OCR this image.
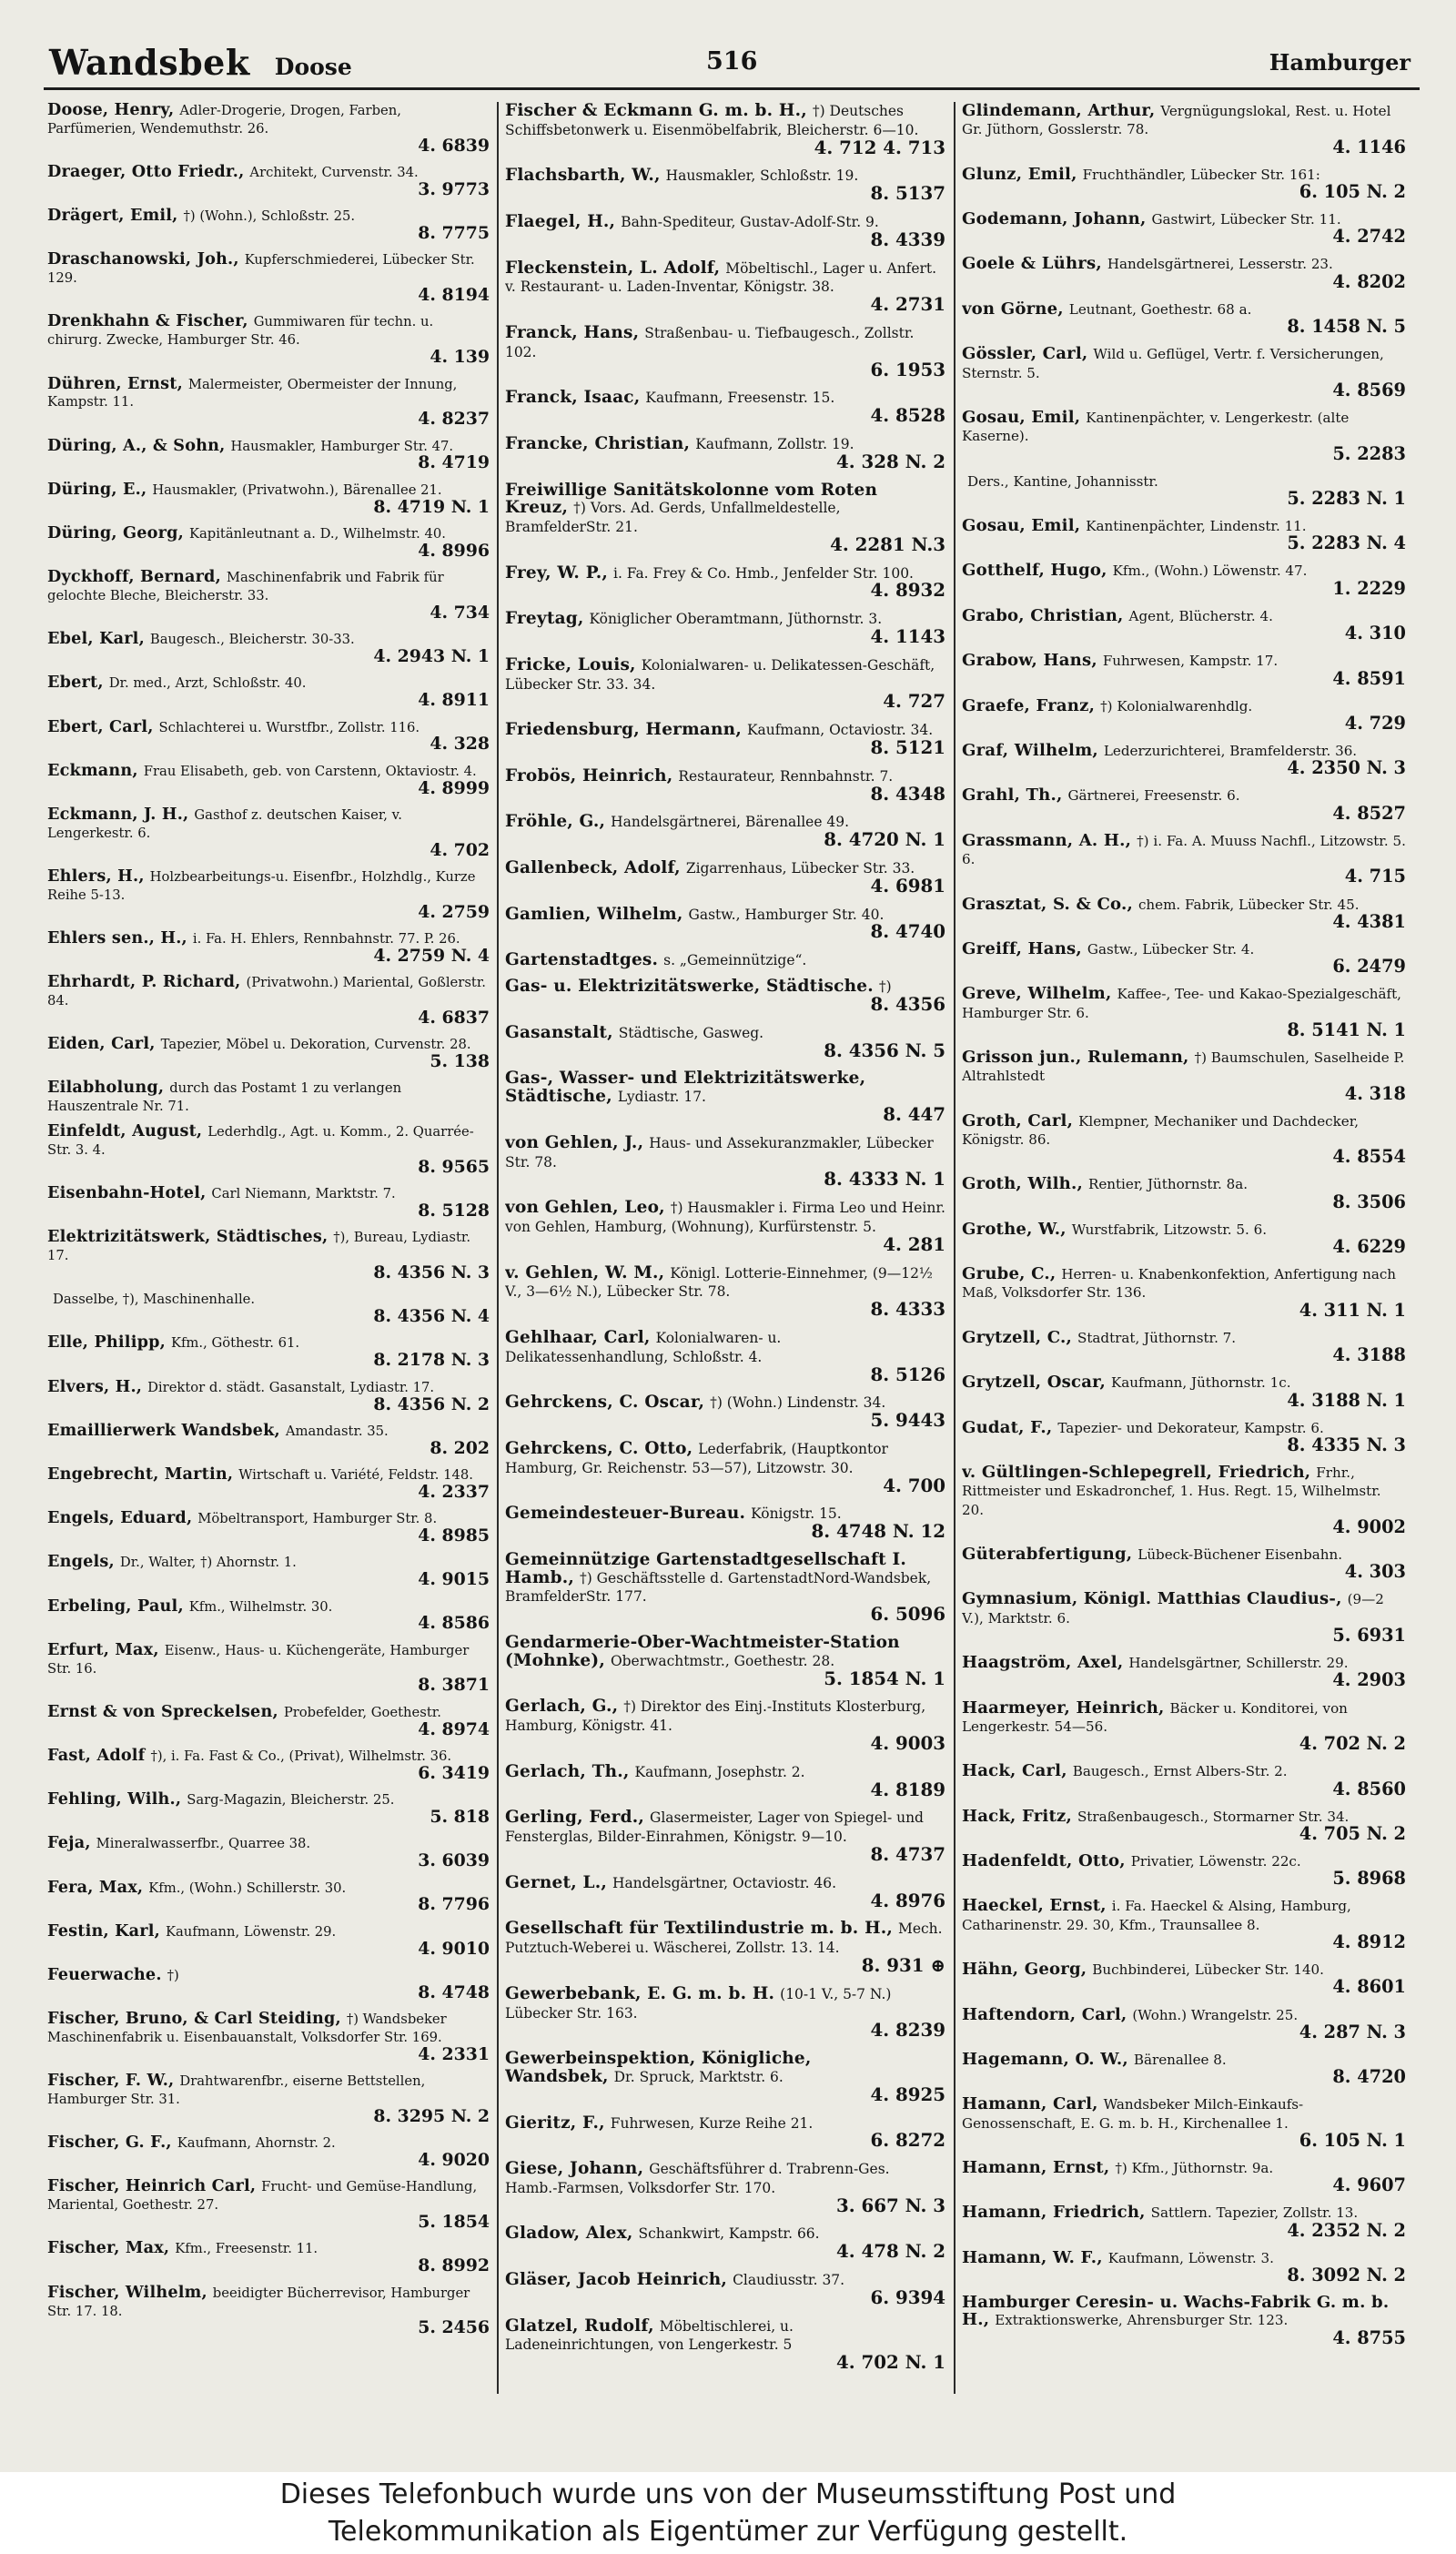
Wandsbek Doose	516	Hamburger
Doose, Henry, Adler-Drogerie, Drogen, Farben, Parfümerien, Wendemuthstr. 26.
4. 6839
Draeger, Otto Friedr., Architekt, Curvenstr. 34.
3. 9773
Drägert, Emil, †) (Wohn.), Schloßstr. 25.
8. 7775
Draschanowski, Joh., Kupferschmiederei, Lübecker Str. 129.
4. 8194
Drenkhahn & Fischer, Gummiwaren für techn. u. chirurg. Zwecke, Hamburger Str. 46.
4. 139
Dühren, Ernst, Malermeister, Obermeister der Innung, Kampstr. 11.
4. 8237
Düring, A., & Sohn, Hausmakler, Hamburger Str. 47.
8. 4719
Düring, E., Hausmakler, (Privatwohn.), Bärenallee 21.
8. 4719 N. 1
Düring, Georg, Kapitänleutnant a. D., Wilhelmstr. 40.
4. 8996
Dyckhoff, Bernard, Maschinenfabrik und Fabrik für gelochte Bleche, Bleicherstr. 33.
4. 734
Ebel, Karl, Baugesch., Bleicherstr. 30-33.
4. 2943 N. 1
Ebert, Dr. med., Arzt, Schloßstr. 40.
4. 8911
Ebert, Carl, Schlachterei u. Wurstfbr., Zollstr. 116.
4. 328
Eckmann, Frau Elisabeth, geb. von Carstenn, Oktaviostr. 4.
4. 8999
Eckmann, J. H., Gasthof z. deutschen Kaiser, v. Lengerkestr. 6.
4. 702
Ehlers, H., Holzbearbeitungs-u. Eisenfbr., Holzhdlg., Kurze Reihe 5-13.
4. 2759
Ehlers sen., H., i. Fa. H. Ehlers, Rennbahnstr. 77. P. 26.
4. 2759 N. 4
Ehrhardt, P. Richard, (Privatwohn.) Mariental, Goßlerstr. 84.
4. 6837
Eiden, Carl, Tapezier, Möbel u. Dekoration, Curvenstr. 28.
5. 138
Eilabholung, durch das Postamt 1 zu verlangen Hauszentrale Nr. 71.
Einfeldt, August, Lederhdlg., Agt. u. Komm., 2. Quarrée-Str. 3. 4.
8. 9565
Eisenbahn-Hotel, Carl Niemann, Marktstr. 7.
8. 5128
Elektrizitätswerk, Städtisches, †), Bureau, Lydiastr. 17.
8. 4356 N. 3
Dasselbe, †), Maschinenhalle.
8. 4356 N. 4
Elle, Philipp, Kfm., Göthestr. 61.
8. 2178 N. 3
Elvers, H., Direktor d. städt. Gasanstalt, Lydiastr. 17.
8. 4356 N. 2
Emaillierwerk Wandsbek, Amandastr. 35.
8. 202
Engebrecht, Martin, Wirtschaft u. Variété, Feldstr. 148.
4. 2337
Engels, Eduard, Möbeltransport, Hamburger Str. 8.
4. 8985
Engels, Dr., Walter, †) Ahornstr. 1.
4. 9015
Erbeling, Paul, Kfm., Wilhelmstr. 30.
4. 8586
Erfurt, Max, Eisenw., Haus- u. Küchengeräte, Hamburger Str. 16.
8. 3871
Ernst & von Spreckelsen, Probefelder, Goethestr.
4. 8974
Fast, Adolf †), i. Fa. Fast & Co., (Privat), Wilhelmstr. 36.
6. 3419
Fehling, Wilh., Sarg-Magazin, Bleicherstr. 25.
5. 818
Feja, Mineralwasserfbr., Quarree 38.
3. 6039
Fera, Max, Kfm., (Wohn.) Schillerstr. 30.
8. 7796
Festin, Karl, Kaufmann, Löwenstr. 29.
4. 9010
Feuerwache. †)
8. 4748
Fischer, Bruno, & Carl Steiding, †) Wandsbeker Maschinenfabrik u. Eisenbauanstalt, Volksdorfer Str. 169.
4. 2331
Fischer, F. W., Drahtwarenfbr., eiserne Bettstellen, Hamburger Str. 31.
8. 3295 N. 2
Fischer, G. F., Kaufmann, Ahornstr. 2.
4. 9020
Fischer, Heinrich Carl, Frucht- und Gemüse-Handlung, Mariental, Goethestr. 27.
5. 1854
Fischer, Max, Kfm., Freesenstr. 11.
8. 8992
Fischer, Wilhelm, beeidigter Bücherrevisor, Hamburger Str. 17. 18.
5. 2456
Fischer & Eckmann G. m. b. H., †) Deutsches Schiffsbetonwerk u. Eisenmöbelfabrik, Bleicherstr. 6—10.
4. 712 4. 713
Flachsbarth, W., Hausmakler, Schloßstr. 19.
8. 5137
Flaegel, H., Bahn-Spediteur, Gustav-Adolf-Str. 9.
8. 4339
Fleckenstein, L. Adolf, Möbeltischl., Lager u. Anfert. v. Restaurant- u. Laden-Inventar, Königstr. 38.
4. 2731
Franck, Hans, Straßenbau- u. Tiefbaugesch., Zollstr. 102.
6. 1953
Franck, Isaac, Kaufmann, Freesenstr. 15.
4. 8528
Francke, Christian, Kaufmann, Zollstr. 19.
4. 328 N. 2
Freiwillige Sanitätskolonne vom Roten Kreuz, †) Vors. Ad. Gerds, Unfallmeldestelle, BramfelderStr. 21.
4. 2281 N.3
Frey, W. P., i. Fa. Frey & Co. Hmb., Jenfelder Str. 100.
4. 8932
Freytag, Königlicher Oberamtmann, Jüthornstr. 3.
4. 1143
Fricke, Louis, Kolonialwaren- u. Delikatessen-Geschäft, Lübecker Str. 33. 34.
4. 727
Friedensburg, Hermann, Kaufmann, Octaviostr. 34.
8. 5121
Frobös, Heinrich, Restaurateur, Rennbahnstr. 7.
8. 4348
Fröhle, G., Handelsgärtnerei, Bärenallee 49.
8. 4720 N. 1
Gallenbeck, Adolf, Zigarrenhaus, Lübecker Str. 33.
4. 6981
Gamlien, Wilhelm, Gastw., Hamburger Str. 40.
8. 4740
Gartenstadtges. s. „Gemeinnützige“.
Gas- u. Elektrizitätswerke, Städtische. †)
8. 4356
Gasanstalt, Städtische, Gasweg.
8. 4356 N. 5
Gas-, Wasser- und Elektrizitätswerke, Städtische, Lydiastr. 17.
8. 447
von Gehlen, J., Haus- und Assekuranzmakler, Lübecker Str. 78.
8. 4333 N. 1
von Gehlen, Leo, †) Hausmakler i. Firma Leo und Heinr. von Gehlen, Hamburg, (Wohnung), Kurfürstenstr. 5.
4. 281
v. Gehlen, W. M., Königl. Lotterie-Einnehmer, (9—12½ V., 3—6½ N.), Lübecker Str. 78.
8. 4333
Gehlhaar, Carl, Kolonialwaren- u. Delikatessenhandlung, Schloßstr. 4.
8. 5126
Gehrckens, C. Oscar, †) (Wohn.) Lindenstr. 34.
5. 9443
Gehrckens, C. Otto, Lederfabrik, (Hauptkontor Hamburg, Gr. Reichenstr. 53—57), Litzowstr. 30.
4. 700
Gemeindesteuer-Bureau. Königstr. 15.
8. 4748 N. 12
Gemeinnützige Gartenstadtgesellschaft I. Hamb., †) Geschäftsstelle d. GartenstadtNord-Wandsbek, BramfelderStr. 177.
6. 5096
Gendarmerie-Ober-Wachtmeister-Station (Mohnke), Oberwachtmstr., Goethestr. 28.
5. 1854 N. 1
Gerlach, G., †) Direktor des Einj.-Instituts Klosterburg, Hamburg, Königstr. 41.
4. 9003
Gerlach, Th., Kaufmann, Josephstr. 2.
4. 8189
Gerling, Ferd., Glasermeister, Lager von Spiegel- und Fensterglas, Bilder-Einrahmen, Königstr. 9—10.
8. 4737
Gernet, L., Handelsgärtner, Octaviostr. 46.
4. 8976
Gesellschaft für Textilindustrie m. b. H., Mech. Putztuch-Weberei u. Wäscherei, Zollstr. 13. 14.
8. 931 ⊕
Gewerbebank, E. G. m. b. H. (10-1 V., 5-7 N.) Lübecker Str. 163.
4. 8239
Gewerbeinspektion, Königliche, Wandsbek, Dr. Spruck, Marktstr. 6.
4. 8925
Gieritz, F., Fuhrwesen, Kurze Reihe 21.
6. 8272
Giese, Johann, Geschäftsführer d. Trabrenn-Ges. Hamb.-Farmsen, Volksdorfer Str. 170.
3. 667 N. 3
Gladow, Alex, Schankwirt, Kampstr. 66.
4. 478 N. 2
Gläser, Jacob Heinrich, Claudiusstr. 37.
6. 9394
Glatzel, Rudolf, Möbeltischlerei, u. Ladeneinrichtungen, von Lengerkestr. 5
4. 702 N. 1
Glindemann, Arthur, Vergnügungslokal, Rest. u. Hotel Gr. Jüthorn, Gosslerstr. 78.
4. 1146
Glunz, Emil, Fruchthändler, Lübecker Str. 161:
6. 105 N. 2
Godemann, Johann, Gastwirt, Lübecker Str. 11.
4. 2742
Goele & Lührs, Handelsgärtnerei, Lesserstr. 23.
4. 8202
von Görne, Leutnant, Goethestr. 68 a.
8. 1458 N. 5
Gössler, Carl, Wild u. Geflügel, Vertr. f. Versicherungen, Sternstr. 5.
4. 8569
Gosau, Emil, Kantinenpächter, v. Lengerkestr. (alte Kaserne).
5. 2283
Ders., Kantine, Johannisstr.
5. 2283 N. 1
Gosau, Emil, Kantinenpächter, Lindenstr. 11.
5. 2283 N. 4
Gotthelf, Hugo, Kfm., (Wohn.) Löwenstr. 47.
1. 2229
Grabo, Christian, Agent, Blücherstr. 4.
4. 310
Grabow, Hans, Fuhrwesen, Kampstr. 17.
4. 8591
Graefe, Franz, †) Kolonialwarenhdlg.
4. 729
Graf, Wilhelm, Lederzurichterei, Bramfelderstr. 36.
4. 2350 N. 3
Grahl, Th., Gärtnerei, Freesenstr. 6.
4. 8527
Grassmann, A. H., †) i. Fa. A. Muuss Nachfl., Litzowstr. 5. 6.
4. 715
Grasztat, S. & Co., chem. Fabrik, Lübecker Str. 45.
4. 4381
Greiff, Hans, Gastw., Lübecker Str. 4.
6. 2479
Greve, Wilhelm, Kaffee-, Tee- und Kakao-Spezialgeschäft, Hamburger Str. 6.
8. 5141 N. 1
Grisson jun., Rulemann, †) Baumschulen, Saselheide P. Altrahlstedt
4. 318
Groth, Carl, Klempner, Mechaniker und Dachdecker, Königstr. 86.
4. 8554
Groth, Wilh., Rentier, Jüthornstr. 8a.
8. 3506
Grothe, W., Wurstfabrik, Litzowstr. 5. 6.
4. 6229
Grube, C., Herren- u. Knabenkonfektion, Anfertigung nach Maß, Volksdorfer Str. 136.
4. 311 N. 1
Grytzell, C., Stadtrat, Jüthornstr. 7.
4. 3188
Grytzell, Oscar, Kaufmann, Jüthornstr. 1c.
4. 3188 N. 1
Gudat, F., Tapezier- und Dekorateur, Kampstr. 6.
8. 4335 N. 3
v. Gültlingen-Schlepegrell, Friedrich, Frhr., Rittmeister und Eskadronchef, 1. Hus. Regt. 15, Wilhelmstr. 20.
4. 9002
Güterabfertigung, Lübeck-Büchener Eisenbahn.
4. 303
Gymnasium, Königl. Matthias Claudius-, (9—2 V.), Marktstr. 6.
5. 6931
Haagström, Axel, Handelsgärtner, Schillerstr. 29.
4. 2903
Haarmeyer, Heinrich, Bäcker u. Konditorei, von Lengerkestr. 54—56.
4. 702 N. 2
Hack, Carl, Baugesch., Ernst Albers-Str. 2.
4. 8560
Hack, Fritz, Straßenbaugesch., Stormarner Str. 34.
4. 705 N. 2
Hadenfeldt, Otto, Privatier, Löwenstr. 22c.
5. 8968
Haeckel, Ernst, i. Fa. Haeckel & Alsing, Hamburg, Catharinenstr. 29. 30, Kfm., Traunsallee 8.
4. 8912
Hähn, Georg, Buchbinderei, Lübecker Str. 140.
4. 8601
Haftendorn, Carl, (Wohn.) Wrangelstr. 25.
4. 287 N. 3
Hagemann, O. W., Bärenallee 8.
8. 4720
Hamann, Carl, Wandsbeker Milch-Einkaufs-Genossenschaft, E. G. m. b. H., Kirchenallee 1.
6. 105 N. 1
Hamann, Ernst, †) Kfm., Jüthornstr. 9a.
4. 9607
Hamann, Friedrich, Sattlern. Tapezier, Zollstr. 13.
4. 2352 N. 2
Hamann, W. F., Kaufmann, Löwenstr. 3.
8. 3092 N. 2
Hamburger Ceresin- u. Wachs-Fabrik G. m. b. H., Extraktionswerke, Ahrensburger Str. 123.
4. 8755
Dieses Telefonbuch wurde uns von der Museumsstiftung Post und
Telekommunikation als Eigentümer zur Verfügung gestellt.
